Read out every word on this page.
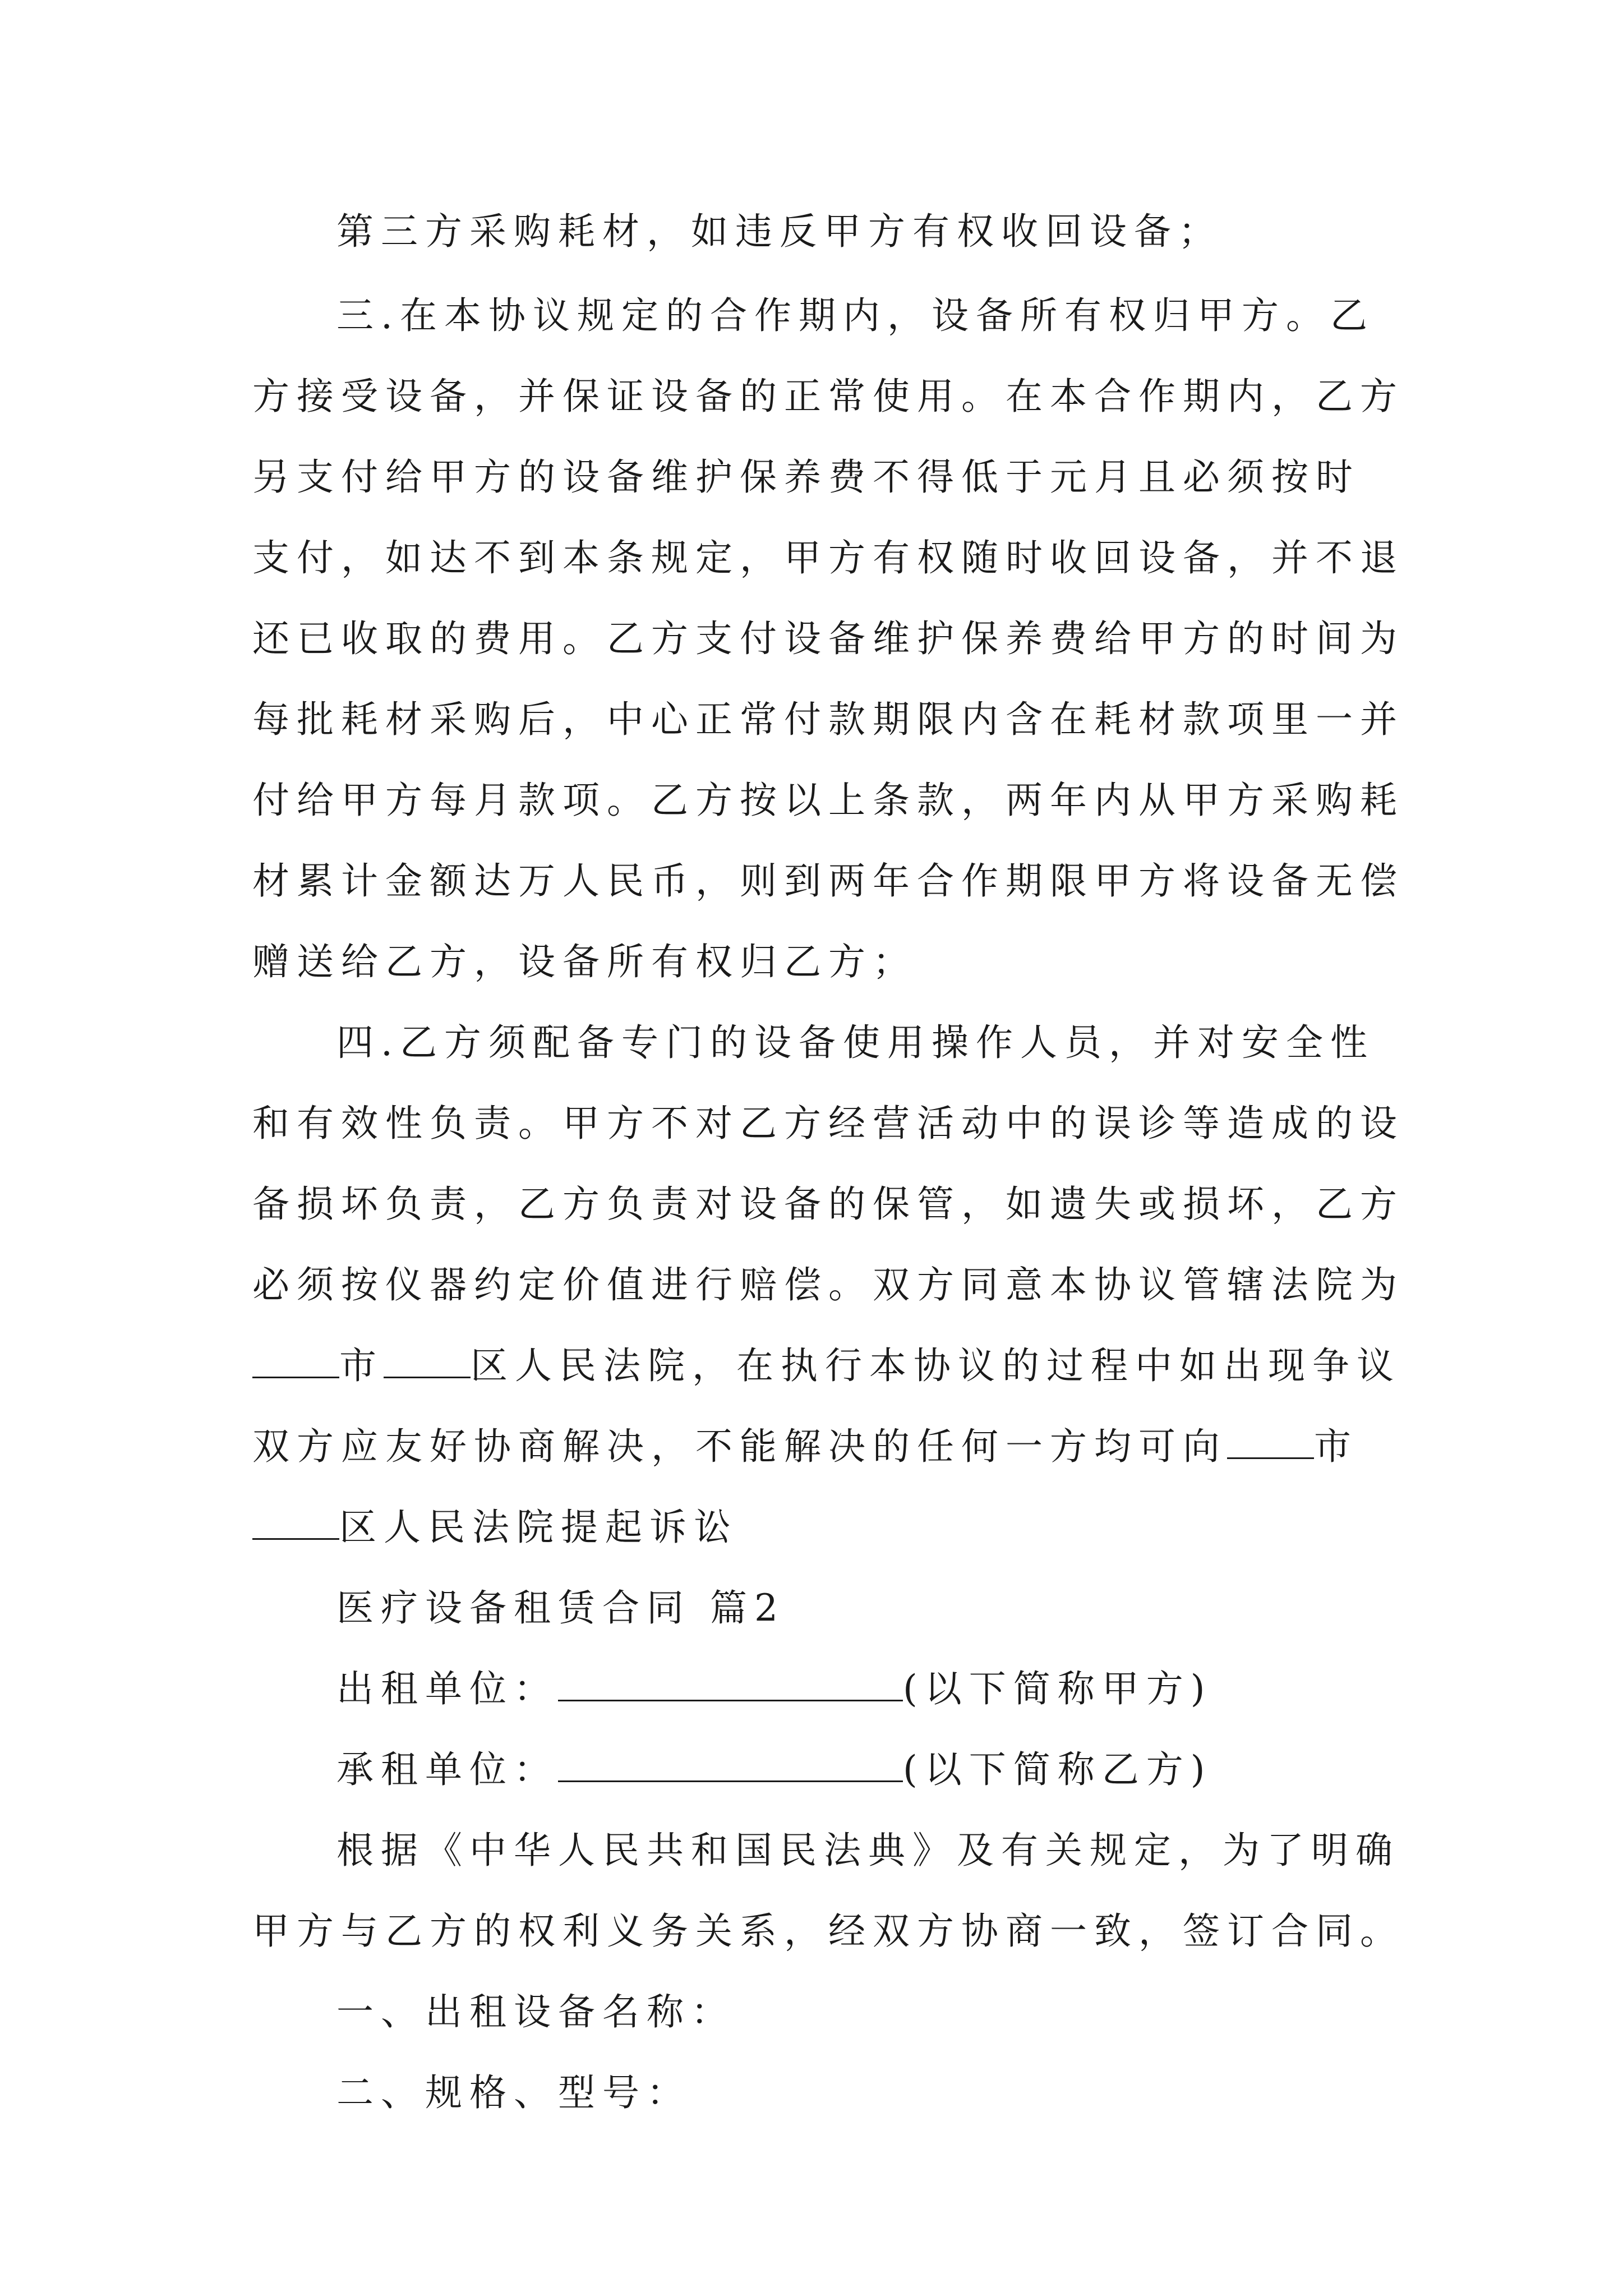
第三方采购耗材，如违反甲方有权收回设备；
三.在本协议规定的合作期内，设备所有权归甲方。乙
方接受设备，并保证设备的正常使用。在本合作期内，乙方
另支付给甲方的设备维护保养费不得低于元月且必须按时
支付，如达不到本条规定，甲方有权随时收回设备，并不退
还已收取的费用。乙方支付设备维护保养费给甲方的时间为
每批耗材采购后，中心正常付款期限内含在耗材款项里一并
付给甲方每月款项。乙方按以上条款，两年内从甲方采购耗
材累计金额达万人民币，则到两年合作期限甲方将设备无偿
赠送给乙方，设备所有权归乙方；
四.乙方须配备专门的设备使用操作人员，并对安全性
和有效性负责。甲方不对乙方经营活动中的误诊等造成的设
备损坏负责，乙方负责对设备的保管，如遗失或损坏，乙方
必须按仪器约定价值进行赔偿。双方同意本协议管辖法院为
市 区人民法院，在执行本协议的过程中如出现争议
双方应友好协商解决，不能解决的任何一方均可向 市
区人民法院提起诉讼
医疗设备租赁合同 篇2
出租单位：	(以下简称甲方)
承租单位：	(以下简称乙方)
根据《中华人民共和国民法典》及有关规定，为了明确
甲方与乙方的权利义务关系，经双方协商一致，签订合同。
一、出租设备名称：
二、规格、型号：
